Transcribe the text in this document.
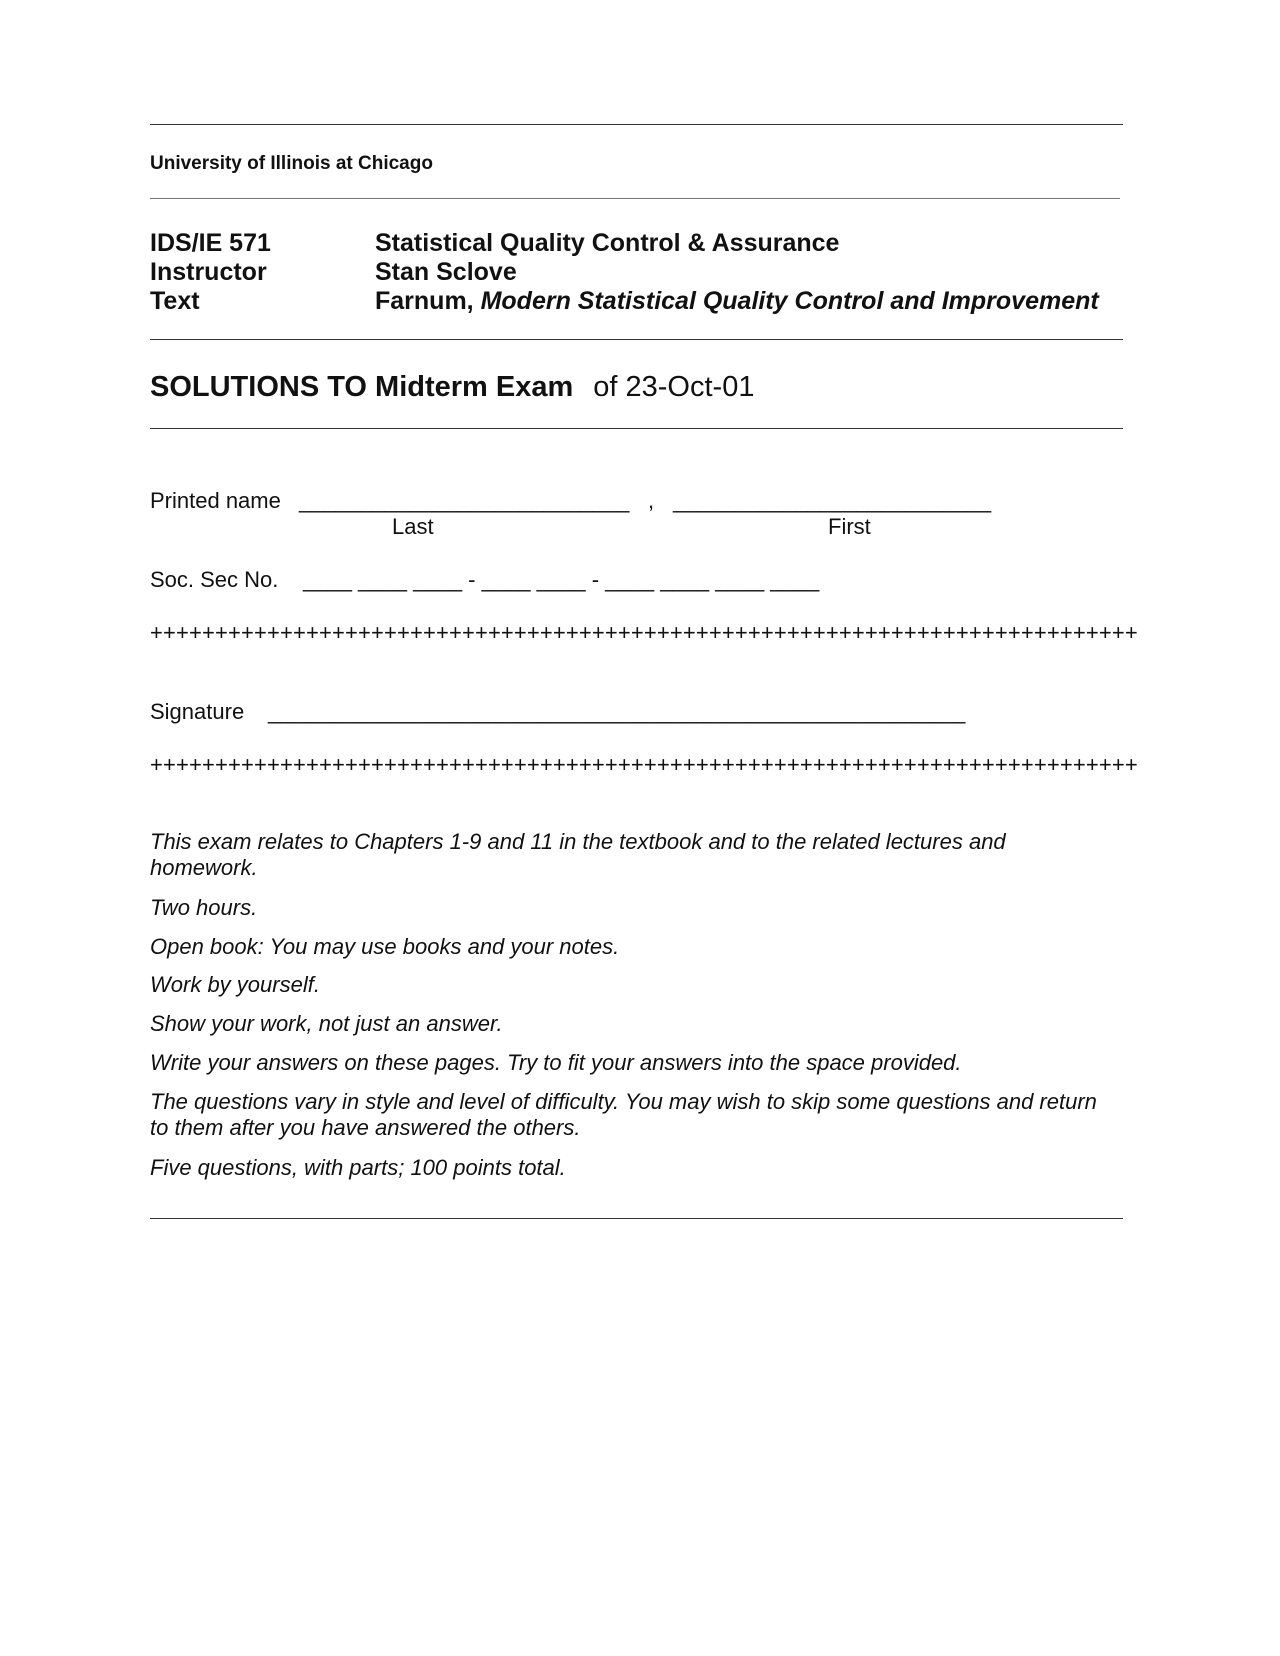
University of Illinois at Chicago
IDS/IE 571	Statistical Quality Control & Assurance
Instructor	Stan Sclove
Text	Farnum, Modern Statistical Quality Control and Improvement
SOLUTIONS TO Midterm Exam of 23-Oct-01
Printed name ___________________________ , __________________________
Last	First
Soc. Sec No. ____ ____ ____ - ____ ____ - ____ ____ ____ ____
++++++++++++++++++++++++++++++++++++++++++++++++++++++++++++++++++++++++++++
Signature _________________________________________________________
++++++++++++++++++++++++++++++++++++++++++++++++++++++++++++++++++++++++++++

This exam relates to Chapters 1-9 and 11 in the textbook and to the related lectures and homework.

Two hours.

Open book: You may use books and your notes.

Work by yourself.

Show your work, not just an answer.

Write your answers on these pages. Try to fit your answers into the space provided.

The questions vary in style and level of difficulty. You may wish to skip some questions and return to them after you have answered the others.

Five questions, with parts; 100 points total.
